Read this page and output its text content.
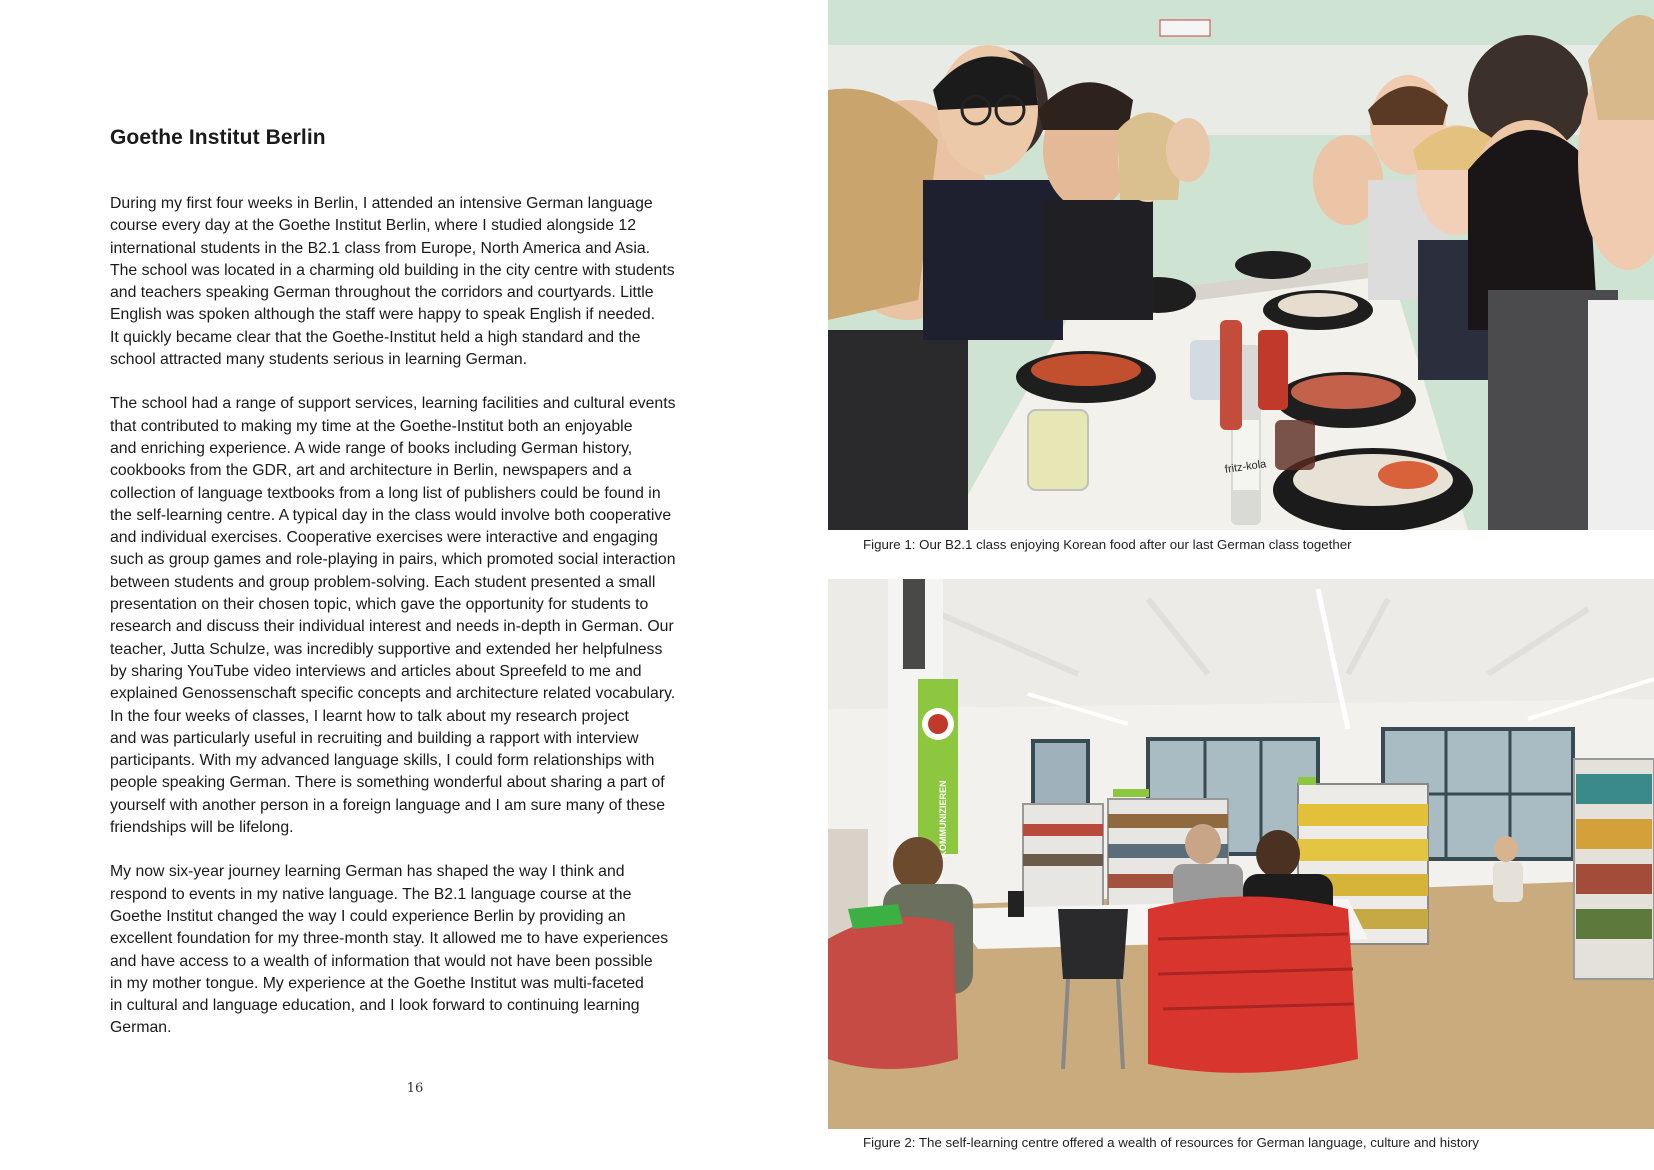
Goethe Institut Berlin

During my first four weeks in Berlin, I attended an intensive German language
course every day at the Goethe Institut Berlin, where I studied alongside 12
international students in the B2.1 class from Europe, North America and Asia.
The school was located in a charming old building in the city centre with students
and teachers speaking German throughout the corridors and courtyards. Little
English was spoken although the staff were happy to speak English if needed.
It quickly became clear that the Goethe-Institut held a high standard and the
school attracted many students serious in learning German.

The school had a range of support services, learning facilities and cultural events
that contributed to making my time at the Goethe-Institut both an enjoyable
and enriching experience. A wide range of books including German history,
cookbooks from the GDR, art and architecture in Berlin, newspapers and a
collection of language textbooks from a long list of publishers could be found in
the self-learning centre. A typical day in the class would involve both cooperative
and individual exercises. Cooperative exercises were interactive and engaging
such as group games and role-playing in pairs, which promoted social interaction
between students and group problem-solving. Each student presented a small
presentation on their chosen topic, which gave the opportunity for students to
research and discuss their individual interest and needs in-depth in German. Our
teacher, Jutta Schulze, was incredibly supportive and extended her helpfulness
by sharing YouTube video interviews and articles about Spreefeld to me and
explained Genossenschaft specific concepts and architecture related vocabulary.
In the four weeks of classes, I learnt how to talk about my research project
and was particularly useful in recruiting and building a rapport with interview
participants. With my advanced language skills, I could form relationships with
people speaking German. There is something wonderful about sharing a part of
yourself with another person in a foreign language and I am sure many of these
friendships will be lifelong.

My now six-year journey learning German has shaped the way I think and
respond to events in my native language. The B2.1 language course at the
Goethe Institut changed the way I could experience Berlin by providing an
excellent foundation for my three-month stay. It allowed me to have experiences
and have access to a wealth of information that would not have been possible
in my mother tongue. My experience at the Goethe Institut was multi-faceted
in cultural and language education, and I look forward to continuing learning
German.

16
fritz-kola
Figure 1: Our B2.1 class enjoying Korean food after our last German class together
KOMMUNIZIEREN
Figure 2: The self-learning centre offered a wealth of resources for German language, culture and history
